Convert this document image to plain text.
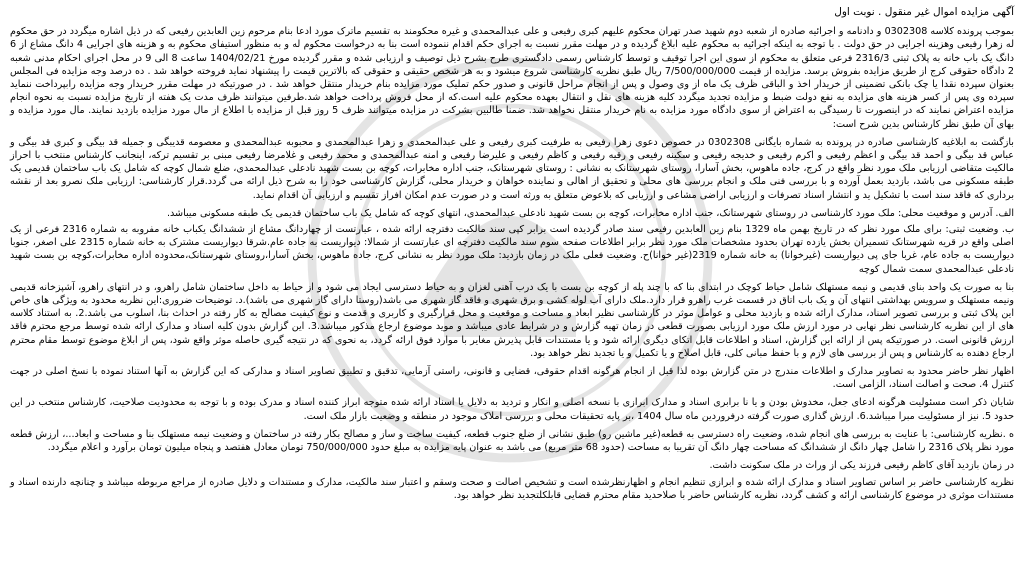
آگهی مزایده اموال غیر منقول . نوبت اول

بموجب پرونده کلاسه 0302308 و دادنامه و اجرائیه صادره از شعبه دوم شهید صدر تهران محکوم علیهم کبری رفیعی و علی عبدالمحمدی و غیره محکومند به تقسیم ماترک مورد ادعا بنام مرحوم زین العابدین رفیعی که در ذیل اشاره میگردد در حق محکوم له زهرا رفیعی وهزینه اجرایی در حق دولت . با توجه به اینکه اجرائیه به محکوم علیه ابلاغ گردیده و در مهلت مقرر نسبت به اجرای حکم اقدام ننموده است بنا به درخواست محکوم له و به منظور استیفای محکوم به و هزینه های اجرایی 4 دانگ مشاع از 6 دانگ یک باب خانه به پلاک ثبتی 2316/3 فرعی متعلق به محکوم از سوی این اجرا توقیف و توسط کارشناس رسمی دادگستری طرح بشرح ذیل توصیف و ارزیابی شده و مقرر گردیده مورخ 1404/02/21 ساعت 8 الی 9 در محل اجرای احکام مدنی شعبه 2 دادگاه حقوقی کرج از طریق مزایده بفروش برسد. مزایده از قیمت 7/500/000/000 ریال طبق نظریه کارشناسی شروع میشود و به هر شخص حقیقی و حقوقی که بالاترین قیمت را پیشنهاد نماید فروخته خواهد شد . ده درصد وجه مزایده فی المجلس بعنوان سپرده نقدا یا چک بانکی تضمینی از خریدار اخذ و الباقی ظرف یک ماه از وی وصول و پس از انجام مراحل قانونی و صدور حکم تملیک مورد مزایده بنام خریدار منتقل خواهد شد . در صورتیکه در مهلت مقرر خریدار وجه مزایده رابپرداخت ننماید سپرده وی پس از کسر هزینه های مزایده به نفع دولت ضبط و مزایده تجدید میگردد کلیه هزینه های نقل و انتقال بعهده محکوم علیه است.که از محل فروش پرداخت خواهد شد.طرفین میتوانند ظرف مدت یک هفته از تاریخ مزایده نسبت به نحوه انجام مزایده اعتراض نمایند که در اینصورت تا رسیدگی به اعتراض از سوی دادگاه مورد مزایده به نام خریدار منتقل نخواهد شد. ضمنا طالبین بشرکت در مزایده میتوانند ظرف 5 روز قبل از مزایده با اطلاع از مال مورد مزایده بازدید نمایند. مال مورد مزایده و بهای آن طبق نظر کارشناس بدین شرح است:

بازگشت به ابلاغیه کارشناسی صادره در پرونده به شماره بایگانی 0302308 در خصوص دعوی زهرا رفیعی به طرفیت کبری رفیعی و علی عبدالمحمدی و زهرا عبدالمحمدی و محبوبه عبدالمحمدی و معصومه قدیبگی و جمیله قد بیگی و کبری قد بیگی و عباس قد بیگی و احمد قد بیگی و اعظم رفیعی و اکرم رفیعی و خدیجه رفیعی و سکینه رفیعی و رقیه رفیعی و کاظم رفیعی و علیرضا رفیعی و امنه عبدالمحمدی و محمد رفیعی و غلامرضا رفیعی مبنی بر تقسیم ترکه، اینجانب کارشناس منتخب با احراز مالکیت متقاضی ارزیابی ملک مورد نظر واقع در کرج، جاده ماهوس، بخش آسارا، روستای شهرستانک به نشانی : روستای شهرستانک، جنب اداره مخابرات، کوچه بن بست شهید نادعلی عبدالمحمدی، ضلع شمال کوچه که شامل یک باب ساختمان قدیمی یک طبقه مسکونی می باشد، بازدید بعمل آورده و با بررسی فنی ملک و انجام بررسی های محلی و تحقیق از اهالی و نماینده خواهان و خریدار محلی، گزارش کارشناسی خود را به شرح ذیل ارائه می گردد.قرار کارشناسی: ارزیابی ملک نصرو بعد از نقشه برداری که فاقد سند است با تشکیل ید و انتشار اسناد تصرفات و ارزیابی اراضی مشاعی و ارزیابی که بلاعوض متعلق به ورثه است و در صورت عدم امکان افراز تقسیم و ارزیابی آن اقدام نماید.

الف. آدرس و موقعیت محلی: ملک مورد کارشناسی در روستای شهرستانک، جنب اداره مخابرات، کوچه بن بست شهید نادعلی عبدالمحمدی، انتهای کوچه که شامل یک باب ساختمان قدیمی یک طبقه مسکونی میباشد.

ب. وضعیت ثبتی: برای ملک مورد نظر که در تاریخ بهمن ماه 1329 بنام زین العابدین رفیعی سند صادر گردیده است برابر کپی سند مالکیت دفترچه ارائه شده ، عبارتست از چهاردانگ مشاع از ششدانگ یکباب خانه مفروبه به شماره 2316 فرعی از یک اصلی واقع در قریه شهرستانک تسمیران بخش یازده تهران بحدود مشخصات ملک مورد نظر برابر اطلاعات صفحه سوم سند مالکیت دفترچه ای عبارتست از شمالا: دیواریست به جاده عام.شرقا دیواریست مشترک به خانه شماره 2315 علی اصغر، جنوبا دیواریست به جاده عام، غربا جای پی دیواریست (غیرخوانا) به خانه شماره 2319(غیر خوانا)ح. وضعیت فعلی ملک در زمان بازدید: ملک مورد نظر به نشانی کرج، جاده ماهوس، بخش آسارا،روستای شهرستانک،محدوده اداره مخابرات،کوچه بن بست شهید نادعلی عبدالمحمدی سمت شمال کوچه

بنا به صورت یک واحد بنای قدیمی و نیمه مستهلک شامل حیاط کوچک در ابتدای بنا که با چند پله از کوچه بن بست با یک درب آهنی لغزان و به حیاط دسترسی ایجاد می شود و از حیاط به داخل ساختمان شامل راهرو، و در انتهای راهرو، آشپزخانه قدیمی ونیمه مستهلک و سرویس بهداشتی انتهای آن و یک باب اتاق در قسمت غرب راهرو قرار دارد.ملک دارای آب لوله کشی و برق شهری و فاقد گاز شهری می باشد(روستا دارای گاز شهری می باشد).د. توضیحات ضروری:این نظریه محدود به ویژگی های خاص این پلاک ثبتی و بررسی تصویر اسناد، مدارک ارائه شده و بازدید محلی و عوامل موثر در کارشناسی نظیر ابعاد و مساحت و موقعیت و محل قرارگیری و کاربری و قدمت و نوع کیفیت مصالح به کار رفته در احداث بنا، اسلوب می باشد.2. به استناد کلاسه های از این نظریه کارشناسی نظر نهایی در مورد ارزش ملک مورد ارزیابی بصورت قطعی در زمان تهیه گزارش و در شرایط عادی میباشد و موید موضوع ارجاع مذکور میباشد.3. این گزارش بدون کلیه اسناد و مدارک ارائه شده توسط مرجع محترم فاقد ارزش قانونی است. در صورتیکه پس از ارائه این گزارش، اسناد و اطلاعات قابل اتکای دیگری ارائه شود و یا مستندات قابل پذیرش مغایر با موارد فوق ارائه گردد، به نحوی که در نتیجه گیری حاصله موثر واقع شود، پس از ابلاغ موضوع توسط مقام محترم ارجاع دهنده به کارشناس و پس از بررسی های لازم و با حفظ مبانی کلی، قابل اصلاح و یا تکمیل و یا تجدید نظر خواهد بود.

اظهار نظر حاضر محدود به تصاویر مدارک و اطلاعات مندرج در متن گزارش بوده لذا قبل از انجام هرگونه اقدام حقوقی، قضایی و قانونی، راستی آزمایی، تدقیق و تطبیق تصاویر اسناد و مدارکی که این گزارش به آنها استناد نموده با نسخ اصلی در جهت کنترل 4. صحت و اصالت اسناد، الزامی است.

شایان ذکر است مسئولیت هرگونه ادعای جعل، مخدوش بودن و یا نا برابری اسناد و مدارک ابرازی با نسخه اصلی و انکار و تردید به دلایل یا اسناد ارائه شده متوجه ابراز کننده اسناد و مدرک بوده و با توجه به محدودیت صلاحیت، کارشناس منتخب در این حدود 5. نیز از مسئولیت مبرا میباشد.6. ارزش گذاری صورت گرفته درفروردین ماه سال 1404 ،بر پایه تحقیقات محلی و بررسی املاک موجود در منطقه و وضعیت بازار ملک است.

ه .نظریه کارشناسی: با عنایت به بررسی های انجام شده، وضعیت راه دسترسی به قطعه(غیر ماشین رو) طبق نشانی از ضلع جنوب قطعه، کیفیت ساخت و ساز و مصالح بکار رفته در ساختمان و وضعیت نیمه مستهلک بنا و مساحت و ابعاد...، ارزش قطعه مورد نظر پلاک 2316 را شامل چهار دانگ از ششدانگ که مساحت چهار دانگ آن تقریبا به مساحت (حدود 68 متر مربع) می باشد به عنوان پایه مزایده به مبلغ حدود 750/000/000 تومان معادل هفتصد و پنجاه میلیون تومان برآورد و اعلام میگردد.

در زمان بازدید آقای کاظم رفیعی فرزند یکی از وراث در ملک سکونت داشت.

نظریه کارشناسی حاضر بر اساس تصاویر اسناد و مدارک ارائه شده و ابرازی تنظیم انجام و اظهارنظرشده است و تشخیص اصالت و صحت وسقم و اعتبار سند مالکیت، مدارک و مستندات و دلایل صادره از مراجع مربوطه میباشد و چنانچه دارنده اسناد و مستندات موثری در موضوع کارشناسی ارائه و کشف گردد، نظریه کارشناس حاضر با صلاحدید مقام محترم قضایی قابلکلتجدید نظر خواهد بود.
